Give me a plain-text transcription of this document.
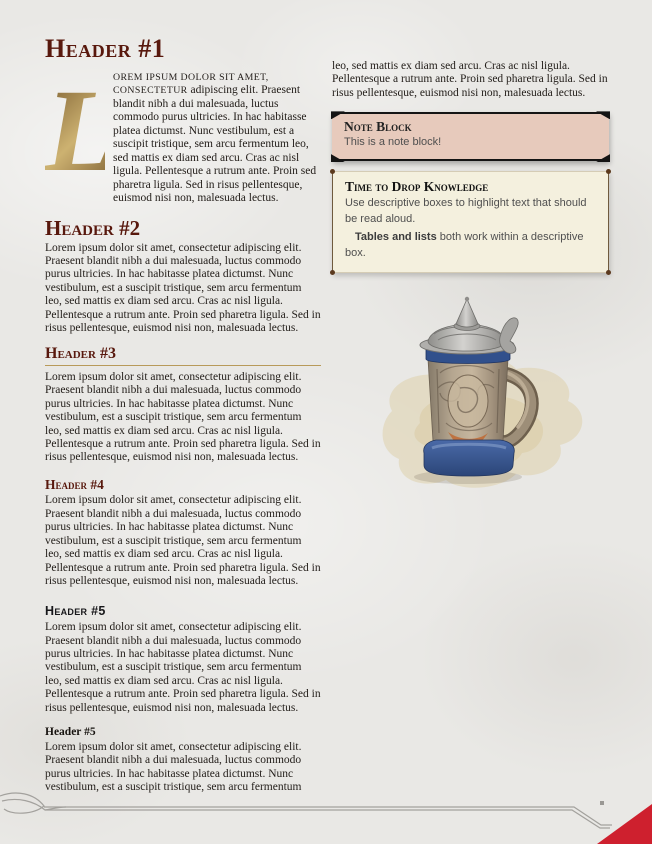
Header #1
L

OREM IPSUM DOLOR SIT AMET, CONSECTETUR adipiscing elit. Praesent blandit nibh a dui malesuada, luctus commodo purus ultricies. In hac habitasse platea dictumst. Nunc vestibulum, est a suscipit tristique, sem arcu fermentum leo, sed mattis ex diam sed arcu. Cras ac nisl ligula. Pellentesque a rutrum ante. Proin sed pharetra ligula. Sed in risus pellentesque, euismod nisi non, malesuada lectus.

Header #2

Lorem ipsum dolor sit amet, consectetur adipiscing elit. Praesent blandit nibh a dui malesuada, luctus commodo purus ultricies. In hac habitasse platea dictumst. Nunc vestibulum, est a suscipit tristique, sem arcu fermentum leo, sed mattis ex diam sed arcu. Cras ac nisl ligula. Pellentesque a rutrum ante. Proin sed pharetra ligula. Sed in risus pellentesque, euismod nisi non, malesuada lectus.

Header #3

Lorem ipsum dolor sit amet, consectetur adipiscing elit. Praesent blandit nibh a dui malesuada, luctus commodo purus ultricies. In hac habitasse platea dictumst. Nunc vestibulum, est a suscipit tristique, sem arcu fermentum leo, sed mattis ex diam sed arcu. Cras ac nisl ligula. Pellentesque a rutrum ante. Proin sed pharetra ligula. Sed in risus pellentesque, euismod nisi non, malesuada lectus.

Header #4

Lorem ipsum dolor sit amet, consectetur adipiscing elit. Praesent blandit nibh a dui malesuada, luctus commodo purus ultricies. In hac habitasse platea dictumst. Nunc vestibulum, est a suscipit tristique, sem arcu fermentum leo, sed mattis ex diam sed arcu. Cras ac nisl ligula. Pellentesque a rutrum ante. Proin sed pharetra ligula. Sed in risus pellentesque, euismod nisi non, malesuada lectus.

Header #5

Lorem ipsum dolor sit amet, consectetur adipiscing elit. Praesent blandit nibh a dui malesuada, luctus commodo purus ultricies. In hac habitasse platea dictumst. Nunc vestibulum, est a suscipit tristique, sem arcu fermentum leo, sed mattis ex diam sed arcu. Cras ac nisl ligula. Pellentesque a rutrum ante. Proin sed pharetra ligula. Sed in risus pellentesque, euismod nisi non, malesuada lectus.

Header #5

Lorem ipsum dolor sit amet, consectetur adipiscing elit. Praesent blandit nibh a dui malesuada, luctus commodo purus ultricies. In hac habitasse platea dictumst. Nunc vestibulum, est a suscipit tristique, sem arcu fermentum

leo, sed mattis ex diam sed arcu. Cras ac nisl ligula. Pellentesque a rutrum ante. Proin sed pharetra ligula. Sed in risus pellentesque, euismod nisi non, malesuada lectus.

Note Block
This is a note block!
Time to Drop Knowledge
Use descriptive boxes to highlight text that should be read aloud.
Tables and lists both work within a descriptive box.
